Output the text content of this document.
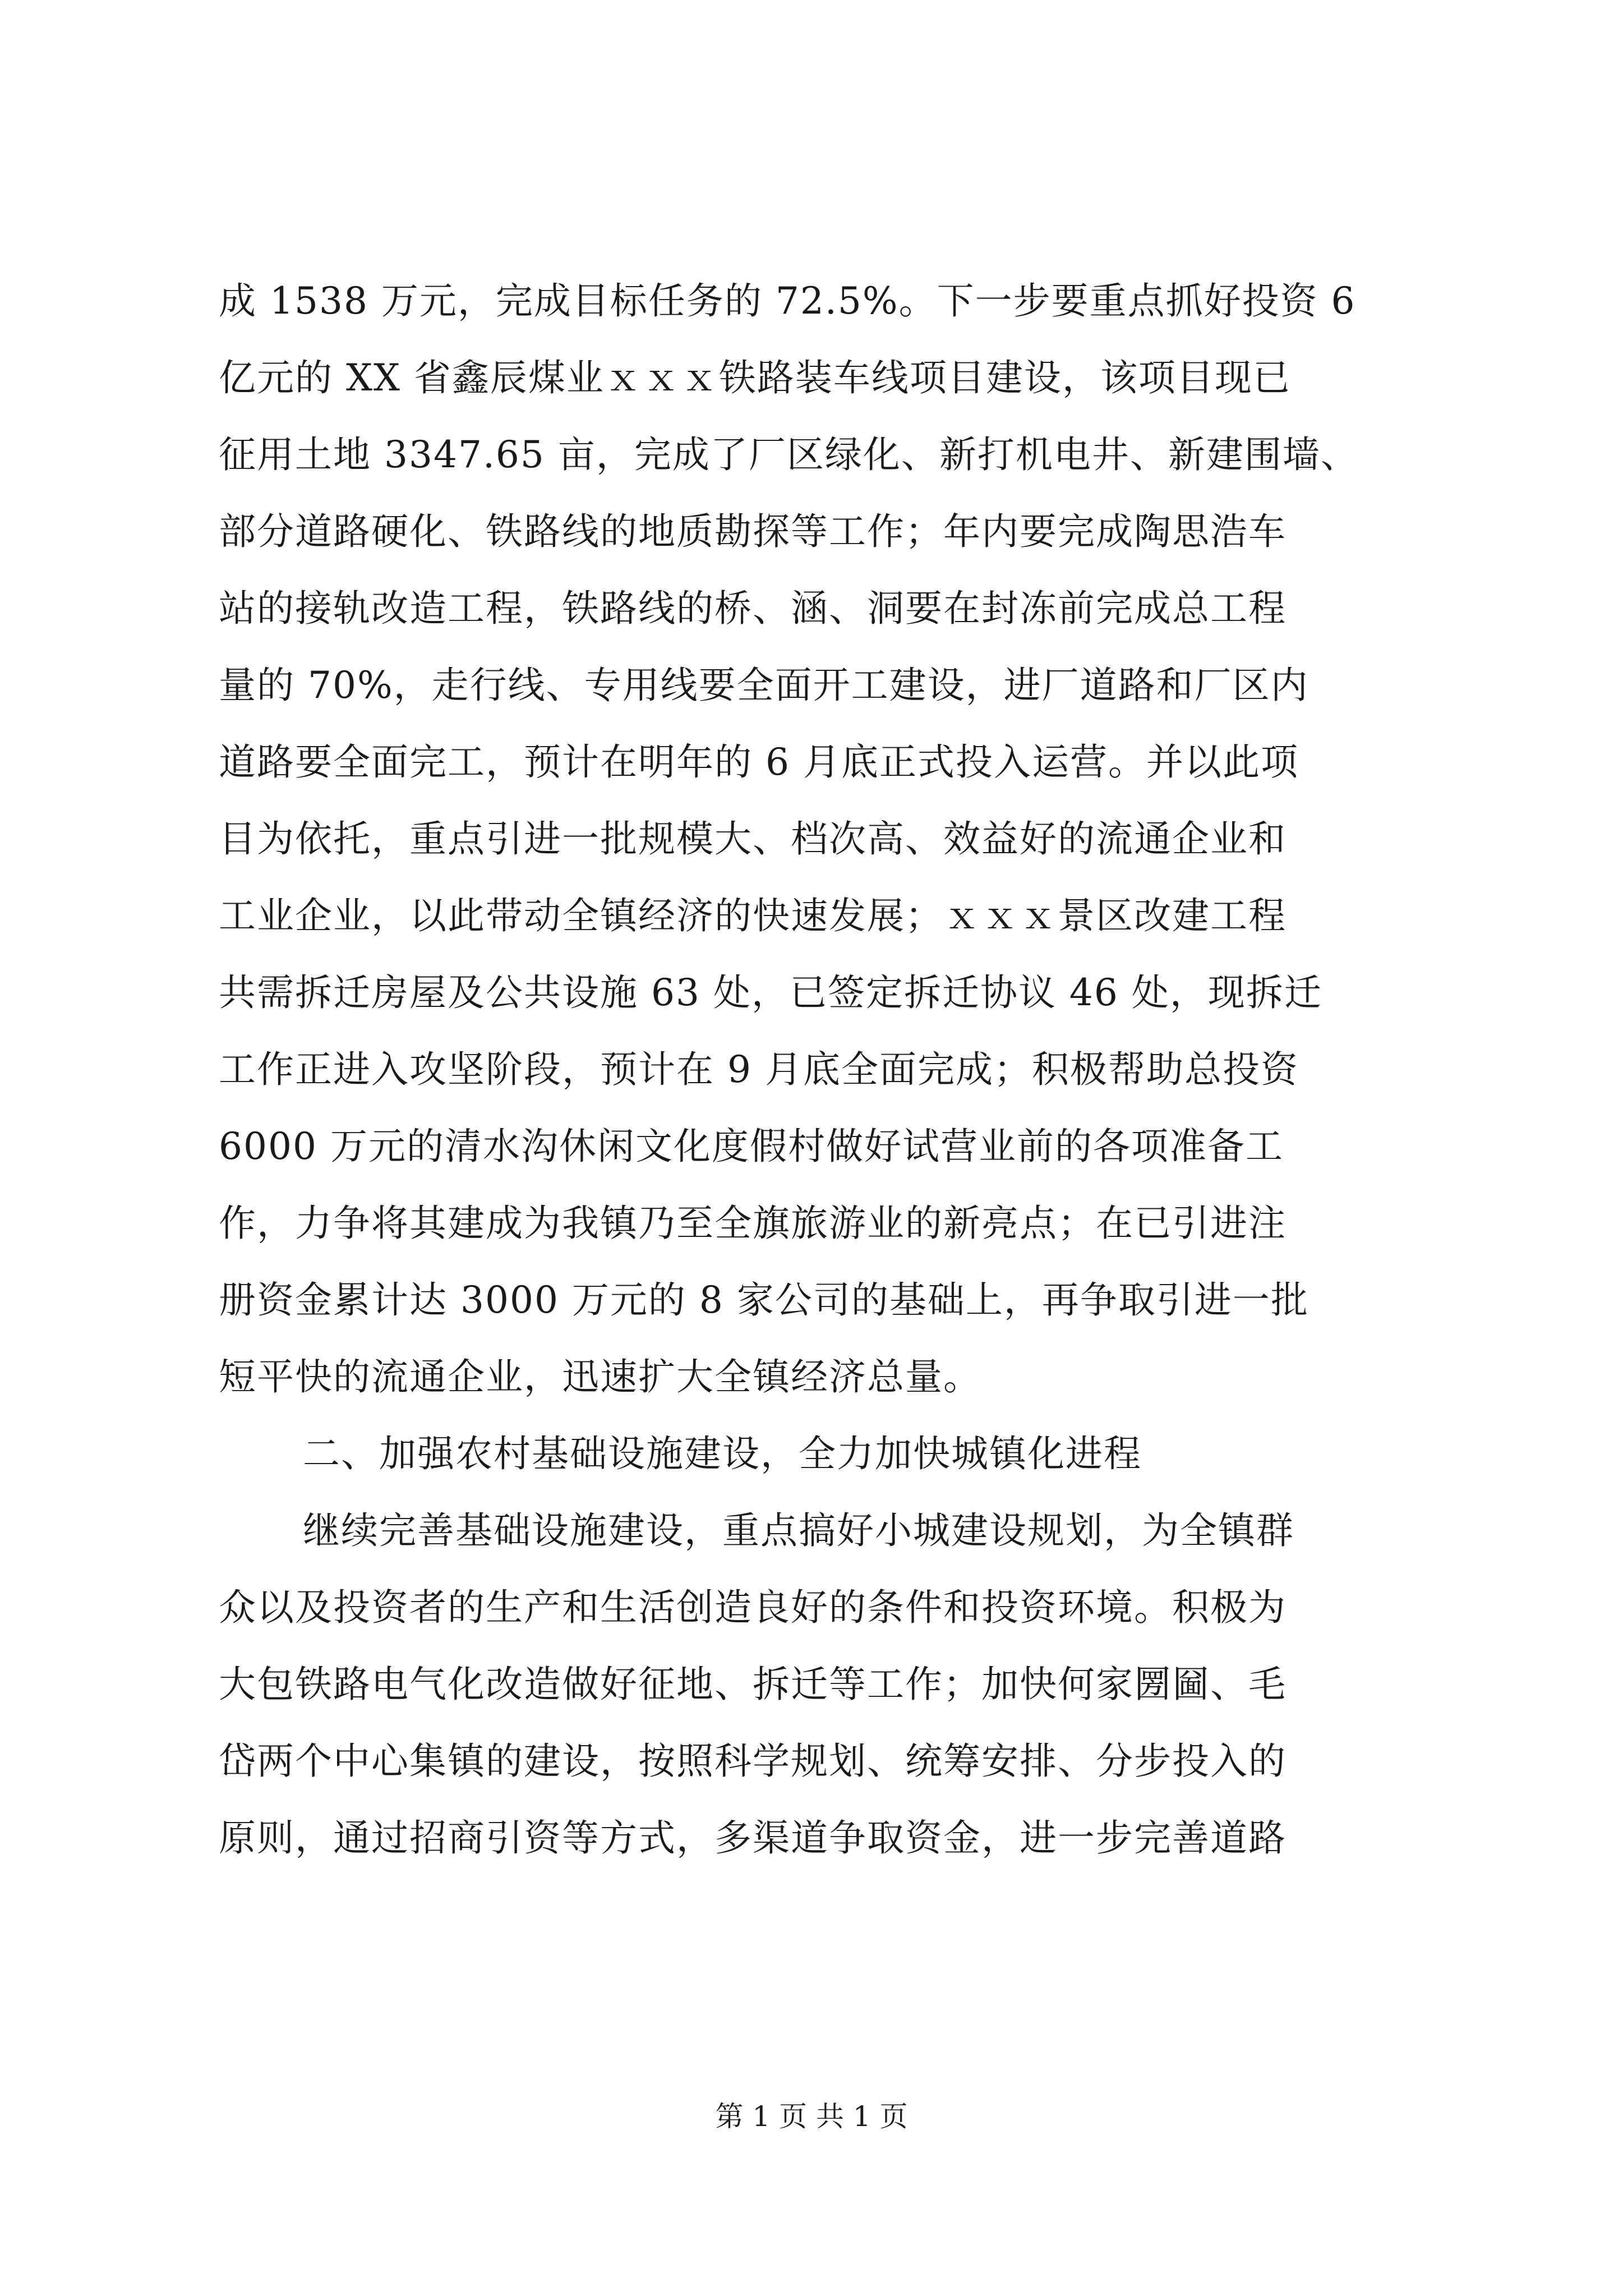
成 1538 万元，完成目标任务的 72.5%。下一步要重点抓好投资 6
亿元的 XX 省鑫辰煤业ｘｘｘ铁路装车线项目建设，该项目现已
征用土地 3347.65 亩，完成了厂区绿化、新打机电井、新建围墙、
部分道路硬化、铁路线的地质勘探等工作；年内要完成陶思浩车
站的接轨改造工程，铁路线的桥、涵、洞要在封冻前完成总工程
量的 70%，走行线、专用线要全面开工建设，进厂道路和厂区内
道路要全面完工，预计在明年的 6 月底正式投入运营。并以此项
目为依托，重点引进一批规模大、档次高、效益好的流通企业和
工业企业，以此带动全镇经济的快速发展；ｘｘｘ景区改建工程
共需拆迁房屋及公共设施 63 处，已签定拆迁协议 46 处，现拆迁
工作正进入攻坚阶段，预计在 9 月底全面完成；积极帮助总投资
6000 万元的清水沟休闲文化度假村做好试营业前的各项准备工
作，力争将其建成为我镇乃至全旗旅游业的新亮点；在已引进注
册资金累计达 3000 万元的 8 家公司的基础上，再争取引进一批
短平快的流通企业，迅速扩大全镇经济总量。
二、加强农村基础设施建设，全力加快城镇化进程
继续完善基础设施建设，重点搞好小城建设规划，为全镇群
众以及投资者的生产和生活创造良好的条件和投资环境。积极为
大包铁路电气化改造做好征地、拆迁等工作；加快何家圐圙、毛
岱两个中心集镇的建设，按照科学规划、统筹安排、分步投入的
原则，通过招商引资等方式，多渠道争取资金，进一步完善道路
第 1 页 共 1 页
